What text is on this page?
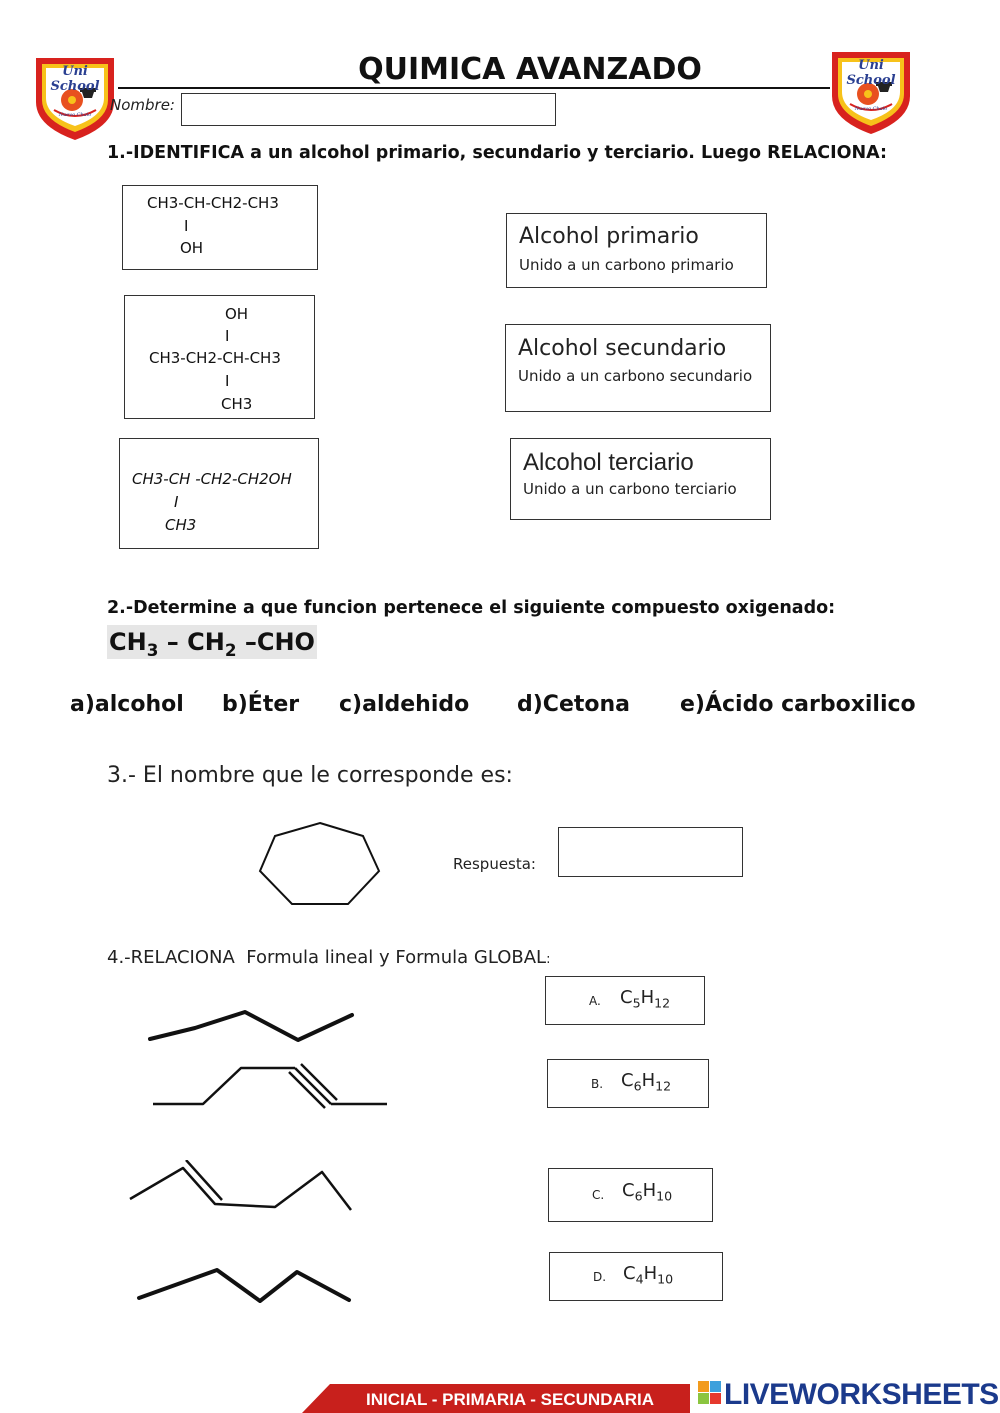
Uni School
Nuevo Chalo
Uni School
Nuevo Chalo
QUIMICA AVANZADO
Nombre:
1.-IDENTIFICA a un alcohol primario, secundario y terciario. Luego RELACIONA:
CH3-CH-CH2-CH3
I
OH
OH
I
CH3-CH2-CH-CH3
I
CH3
CH3-CH -CH2-CH2OH
I
CH3
Alcohol primario
Unido a un carbono primario
Alcohol secundario
Unido a un carbono secundario
Alcohol terciario
Unido a un carbono terciario
2.-Determine a que funcion pertenece el siguiente compuesto oxigenado:
$CH_3 - CH_2$ –CHO
a)alcohol b)Éter c)aldehido d)Cetona e)Ácido carboxilico
3.- El nombre que le corresponde es:
Respuesta:
4.-RELACIONA  Formula lineal y Formula GLOBAL:
A. $C_5H_{12}$
B. $C_6H_{12}$
C. $C_6H_{10}$
D. $C_4H_{10}$
INICIAL - PRIMARIA - SECUNDARIA	LIVEWORKSHEETS
